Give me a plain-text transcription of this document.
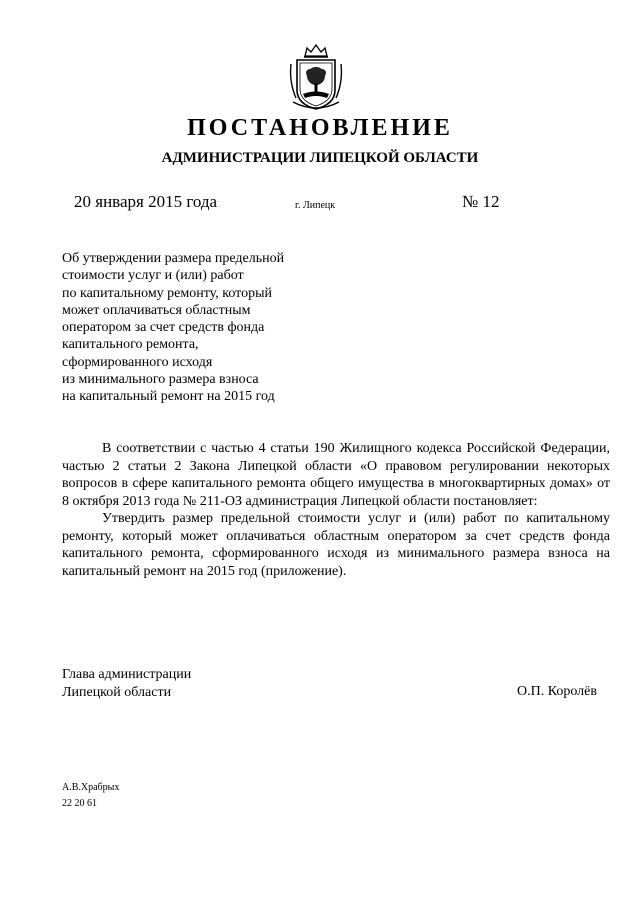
ПОСТАНОВЛЕНИЕ
АДМИНИСТРАЦИИ ЛИПЕЦКОЙ ОБЛАСТИ
20 января 2015 года	г. Липецк	№ 12
Об утверждении размера предельной
стоимости услуг и (или) работ
по капитальному ремонту, который
может оплачиваться областным
оператором за счет средств фонда
капитального ремонта,
сформированного исходя
из минимального размера взноса
на капитальный ремонт на 2015 год

В соответствии с частью 4 статьи 190 Жилищного кодекса Российской Федерации, частью 2 статьи 2 Закона Липецкой области «О правовом регулировании некоторых вопросов в сфере капитального ремонта общего имущества в многоквартирных домах» от 8 октября 2013 года № 211-ОЗ администрация Липецкой области постановляет:

Утвердить размер предельной стоимости услуг и (или) работ по капитальному ремонту, который может оплачиваться областным оператором за счет средств фонда капитального ремонта, сформированного исходя из минимального размера взноса на капитальный ремонт на 2015 год (приложение).

Глава администрации
Липецкой области	О.П. Королёв
А.В.Храбрых
22 20 61
